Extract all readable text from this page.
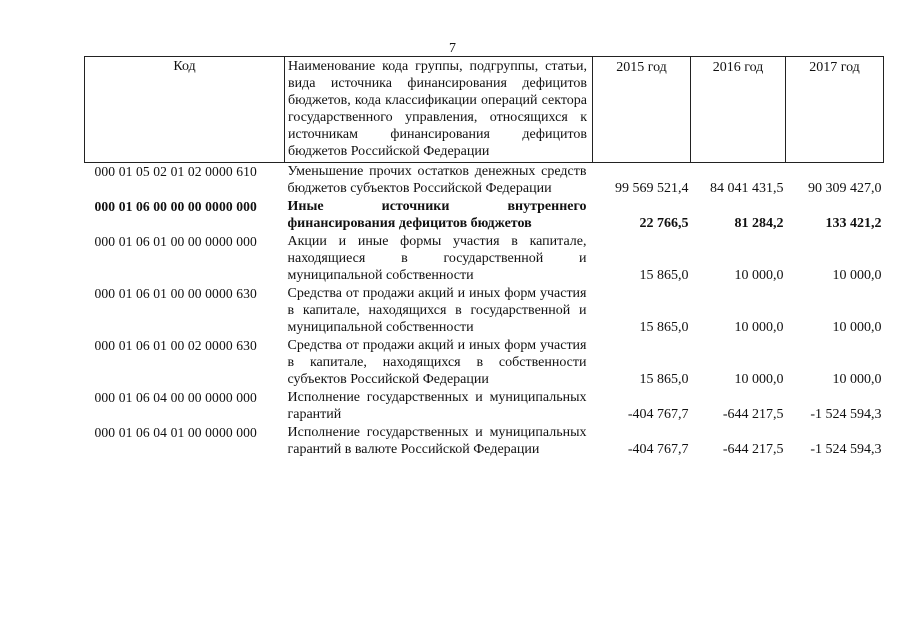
7
Код	Наименование кода группы, подгруппы, статьи, вида источника финансирования дефицитов бюджетов, кода классификации операций сектора государственного управления, относящихся к источникам финансирования дефицитов бюджетов Российской Федерации	2015 год	2016 год	2017 год
000 01 05 02 01 02 0000 610	Уменьшение прочих остатков денежных средств бюджетов субъектов Российской Федерации	99 569 521,4	84 041 431,5	90 309 427,0
000 01 06 00 00 00 0000 000	Иные источники внутреннего финансирования дефицитов бюджетов	22 766,5	81 284,2	133 421,2
000 01 06 01 00 00 0000 000	Акции и иные формы участия в капитале, находящиеся в государственной и муниципальной собственности	15 865,0	10 000,0	10 000,0
000 01 06 01 00 00 0000 630	Средства от продажи акций и иных форм участия в капитале, находящихся в государственной и муниципальной собственности	15 865,0	10 000,0	10 000,0
000 01 06 01 00 02 0000 630	Средства от продажи акций и иных форм участия в капитале, находящихся в собственности субъектов Российской Федерации	15 865,0	10 000,0	10 000,0
000 01 06 04 00 00 0000 000	Исполнение государственных и муниципальных гарантий	-404 767,7	-644 217,5	-1 524 594,3
000 01 06 04 01 00 0000 000	Исполнение государственных и муниципальных гарантий в валюте Российской Федерации	-404 767,7	-644 217,5	-1 524 594,3
